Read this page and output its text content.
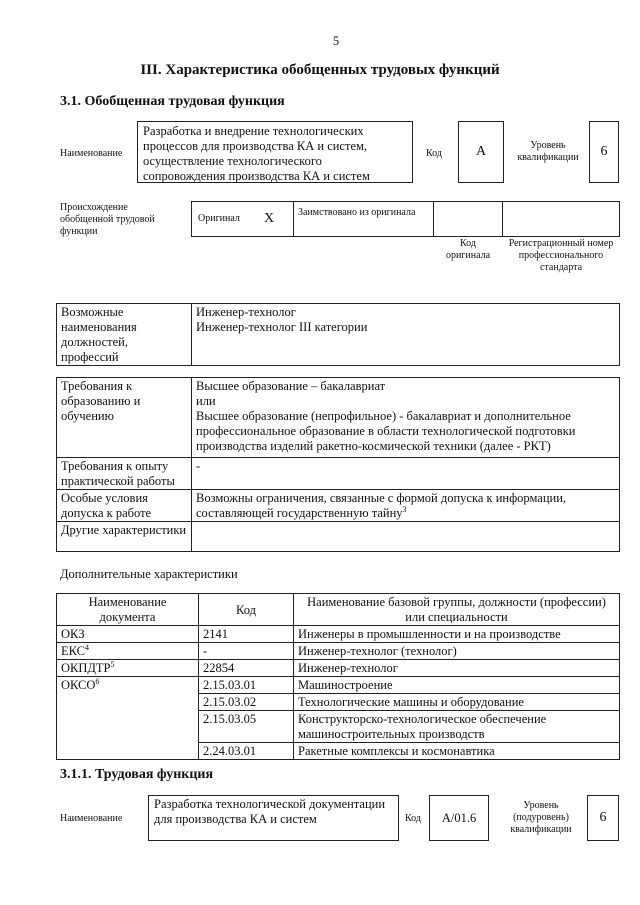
5
III. Характеристика обобщенных трудовых функций
3.1. Обобщенная трудовая функция
Наименование
Разработка и внедрение технологических процессов для производства КА и систем, осуществление технологического сопровождения производства КА и систем
Код A	Уровень квалификации	6
Происхождение обобщенной трудовой функции
Оригинал X Заимствовано из оригинала
Код оригинала
Регистрационный номер профессионального стандарта
Возможные наименования должностей, профессий	
Инженер-технолог
Инженер-технолог III категории
Требования к образованию и обучению	Высшее образование – бакалавриат
или
Высшее образование (непрофильное) - бакалавриат и дополнительное профессиональное образование в области технологической подготовки производства изделий ракетно-космической техники (далее - РКТ)

Требования к опыту практической работы	-
Особые условия допуска к работе	Возможны ограничения, связанные с формой допуска к информации, составляющей государственную тайну$^3$
Другие характеристики	
Дополнительные характеристики
Наименование документа	Код	Наименование базовой группы, должности (профессии) или специальности
ОКЗ	2141	Инженеры в промышленности и на производстве
ЕКС$^4$	-	Инженер-технолог (технолог)
ОКПДТР$^5$	22854	Инженер-технолог
ОКСО$^6$	2.15.03.01	Машиностроение
	2.15.03.02	Технологические машины и оборудование
	2.15.03.05	Конструкторско-технологическое обеспечение машиностроительных производств
	2.24.03.01	Ракетные комплексы и космонавтика
3.1.1. Трудовая функция
Наименование
Разработка технологической документации для производства КА и систем	Код A/01.6
Уровень (подуровень) квалификации
6
